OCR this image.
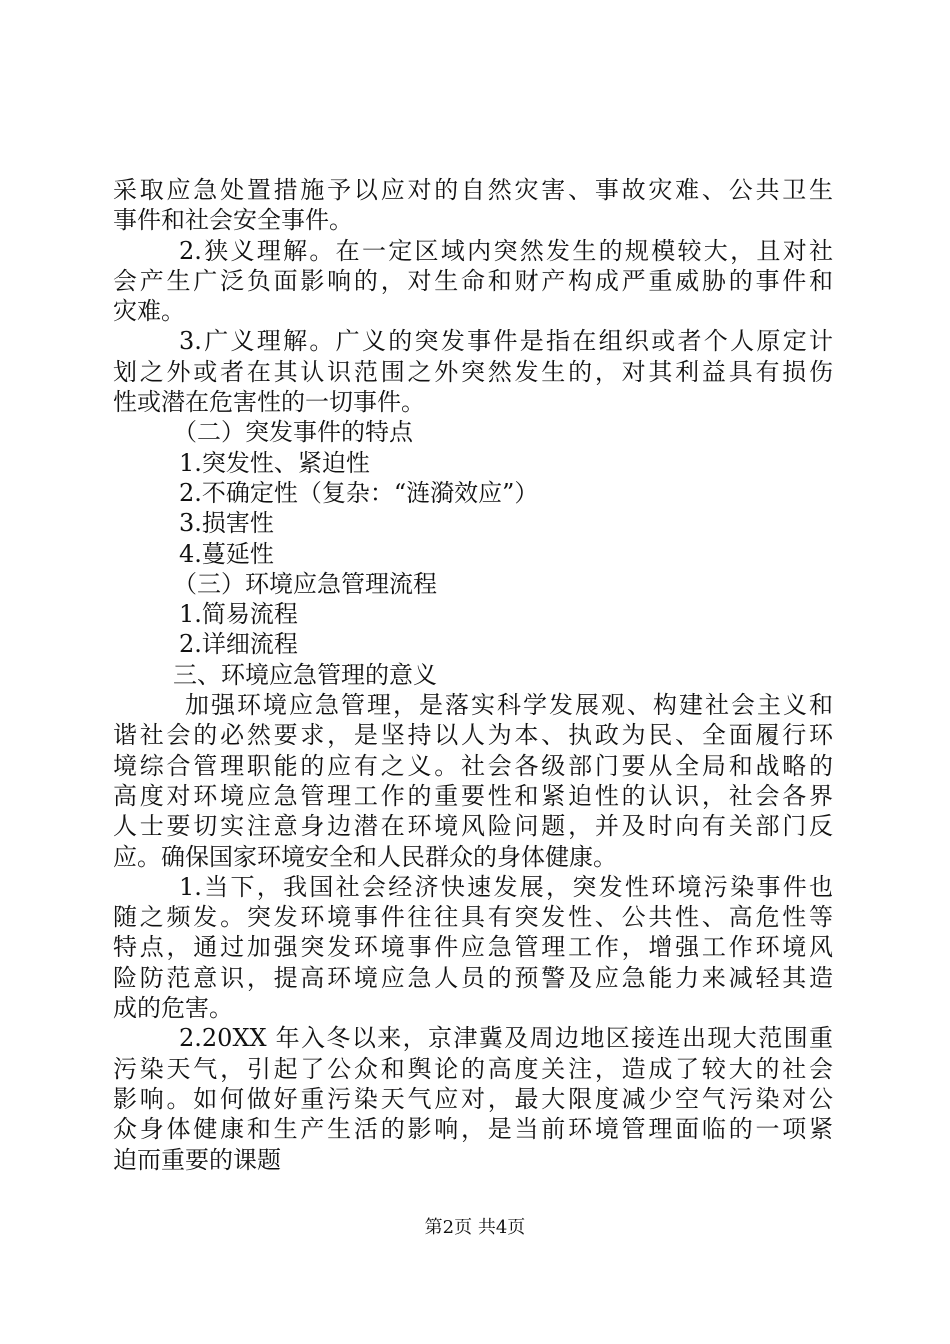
采取应急处置措施予以应对的自然灾害、事故灾难、公共卫生
事件和社会安全事件。
2.狭义理解。在一定区域内突然发生的规模较大，且对社
会产生广泛负面影响的，对生命和财产构成严重威胁的事件和
灾难。
3.广义理解。广义的突发事件是指在组织或者个人原定计
划之外或者在其认识范围之外突然发生的，对其利益具有损伤
性或潜在危害性的一切事件。
（二）突发事件的特点
1.突发性、紧迫性
2.不确定性（复杂：“涟漪效应”）
3.损害性
4.蔓延性
（三）环境应急管理流程
1.简易流程
2.详细流程
三、环境应急管理的意义
加强环境应急管理，是落实科学发展观、构建社会主义和
谐社会的必然要求，是坚持以人为本、执政为民、全面履行环
境综合管理职能的应有之义。社会各级部门要从全局和战略的
高度对环境应急管理工作的重要性和紧迫性的认识，社会各界
人士要切实注意身边潜在环境风险问题，并及时向有关部门反
应。确保国家环境安全和人民群众的身体健康。
1.当下，我国社会经济快速发展，突发性环境污染事件也
随之频发。突发环境事件往往具有突发性、公共性、高危性等
特点，通过加强突发环境事件应急管理工作，增强工作环境风
险防范意识，提高环境应急人员的预警及应急能力来减轻其造
成的危害。
2.20XX 年入冬以来，京津冀及周边地区接连出现大范围重
污染天气，引起了公众和舆论的高度关注，造成了较大的社会
影响。如何做好重污染天气应对，最大限度减少空气污染对公
众身体健康和生产生活的影响，是当前环境管理面临的一项紧
迫而重要的课题
第2页 共4页
